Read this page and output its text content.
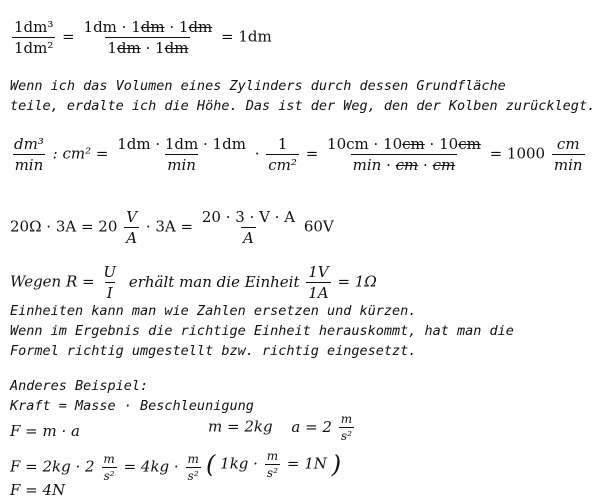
$\frac{\text{1dm³}}{\text{1dm²}} = \frac{1dm \cdot 1dm \cdot 1dm}{1dm \cdot 1dm} = 1dm$
Wenn ich das Volumen eines Zylinders durch dessen Grundfläche
teile, erdalte ich die Höhe. Das ist der Weg, den der Kolben zurücklegt.
$\frac{\text{dm³}}{\min}$ : $cm^2 = \frac{1dm \cdot 1dm \cdot 1dm}{\min} \cdot \frac{1}{\text{cm²}} = \frac{10cm \cdot 10cm \cdot 10cm}{\min \cdot cm \cdot cm} = 1000 \frac{cm}{\min}$
$20\Omega \cdot 3A = 20 \frac{V}{A} \cdot 3A = \frac{20 \cdot 3 \cdot V \cdot A}{A} 60V$
Wegen $R = \frac{U}{I}$ erhält man die Einheit $\frac{1V}{1A} = 1\Omega$
Einheiten kann man wie Zahlen ersetzen und kürzen.
Wenn im Ergebnis die richtige Einheit herauskommt, hat man die
Formel richtig umgestellt bzw. richtig eingesetzt.
Anderes Beispiel:
Kraft = Masse · Beschleunigung
F = m · a	m = 2kg $a = 2 \frac{m}{\text{s²}}$
$F = 2kg \cdot 2 \frac{m}{\text{s²}} = 4kg \cdot \frac{m}{\text{s²}}$ ( $1kg \cdot \frac{m}{\text{s²}} = 1N$ )
F = 4N
